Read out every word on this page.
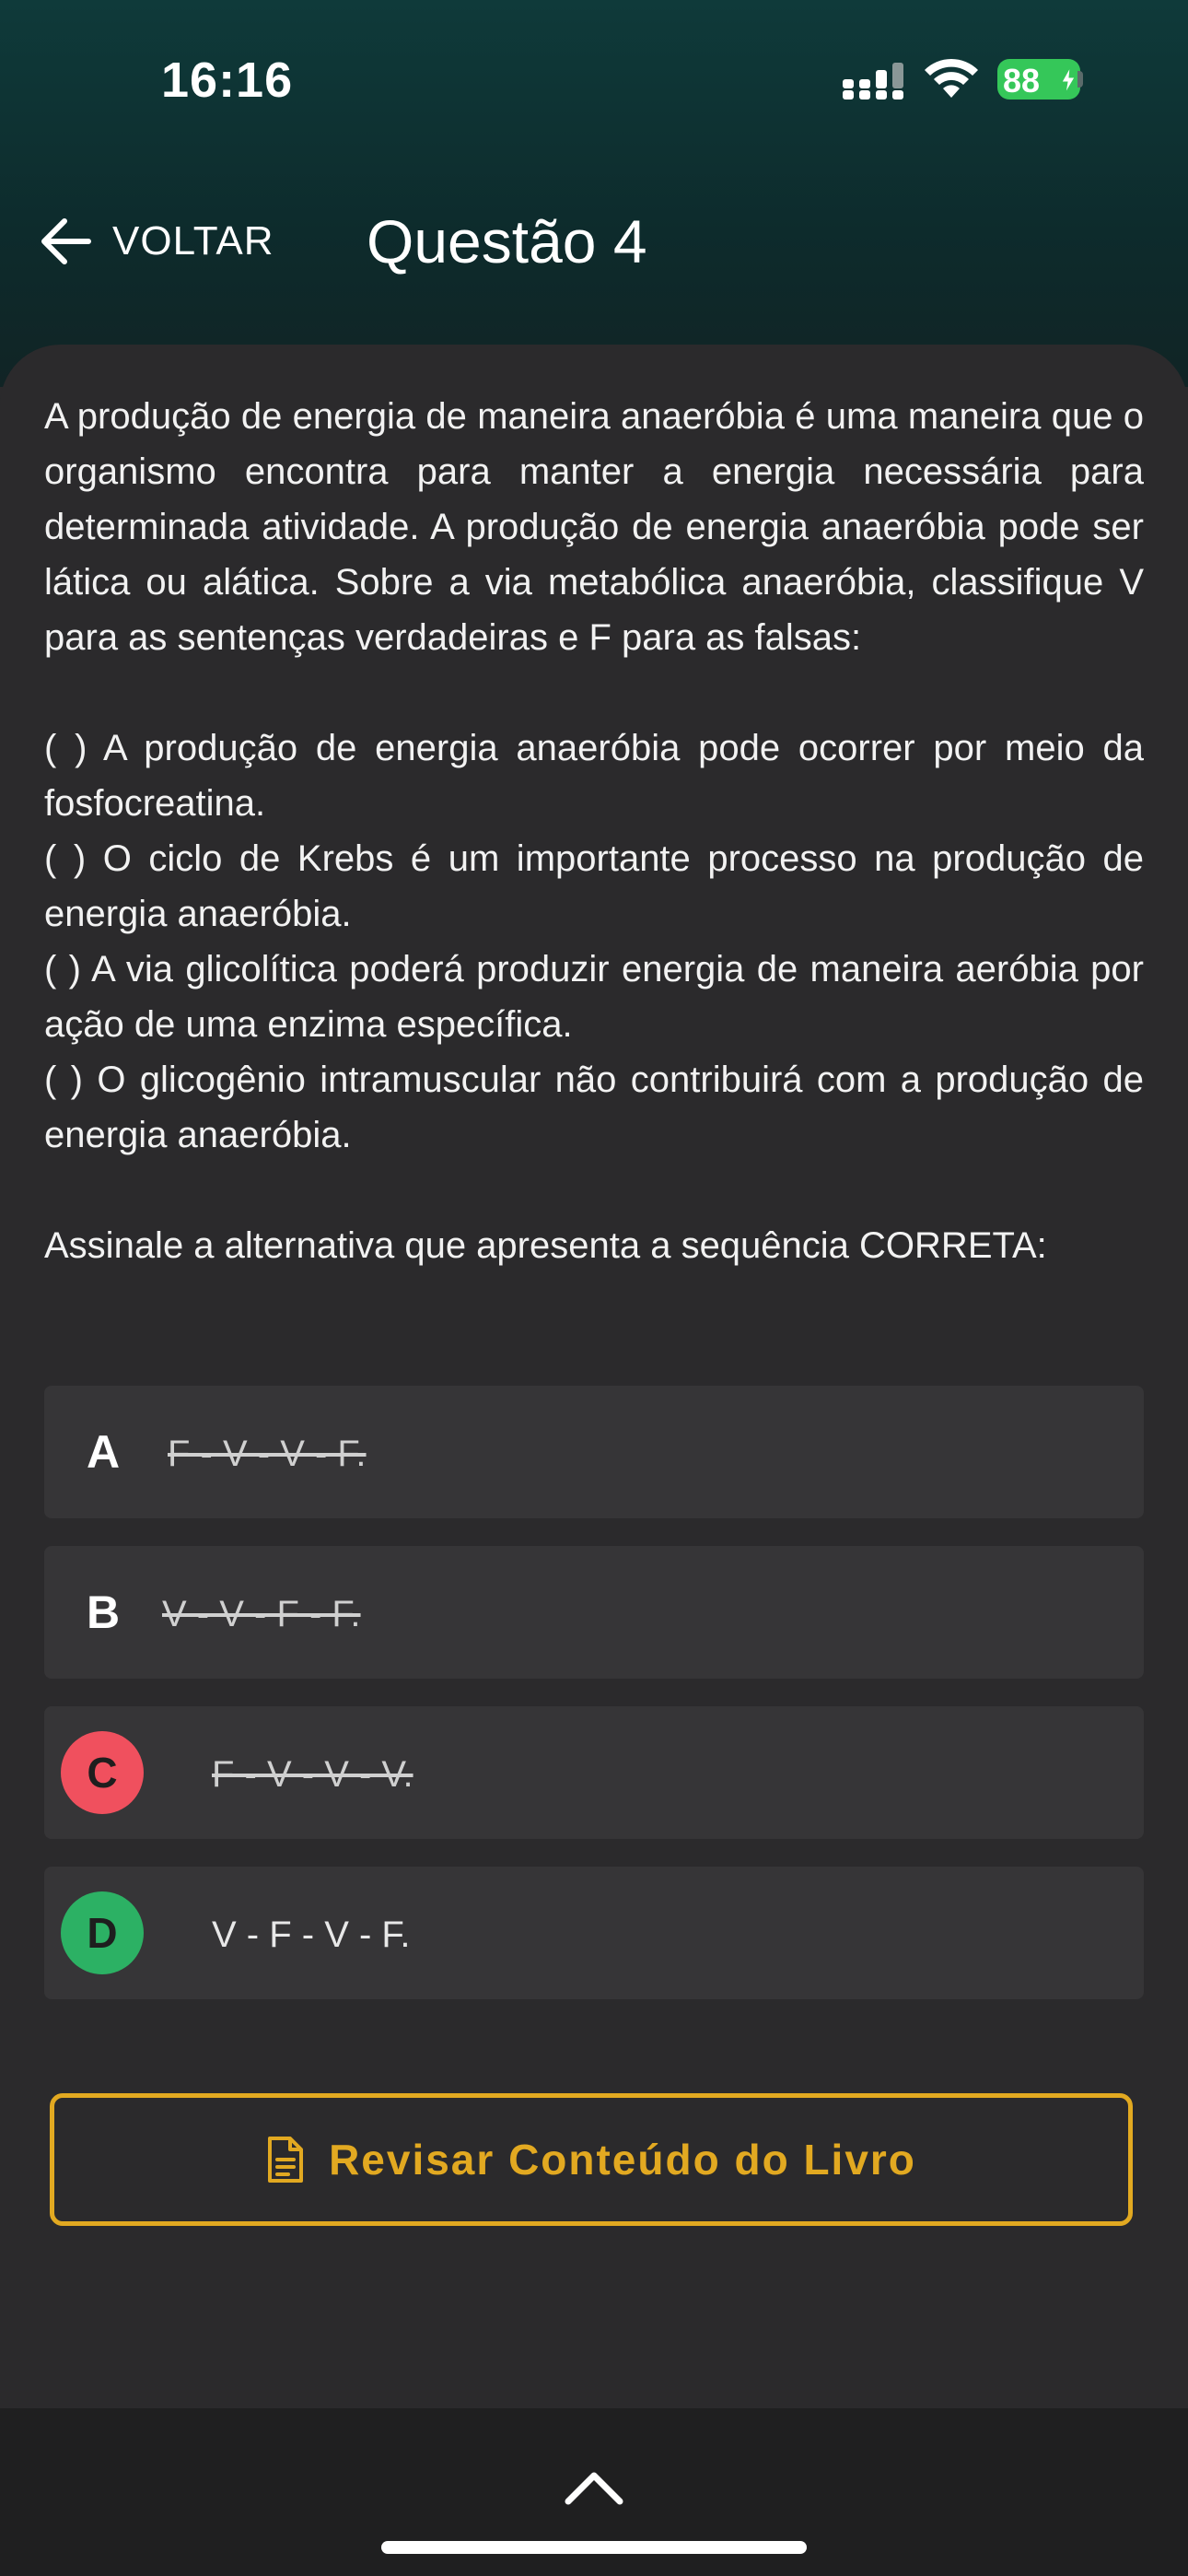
16:16	88
VOLTAR Questão 4

A produção de energia de maneira anaeróbia é uma maneira que o organismo encontra para manter a energia necessária para determinada atividade. A produção de energia anaeróbia pode ser lática ou alática. Sobre a via metabólica anaeróbia, classifique V para as sentenças verdadeiras e F para as falsas:

( ) A produção de energia anaeróbia pode ocorrer por meio da fosfocreatina.

( ) O ciclo de Krebs é um importante processo na produção de energia anaeróbia.

( ) A via glicolítica poderá produzir energia de maneira aeróbia por ação de uma enzima específica.

( ) O glicogênio intramuscular não contribuirá com a produção de energia anaeróbia.

Assinale a alternativa que apresenta a sequência CORRETA:

A F - V - V - F.
B V - V - F - F.
C	F - V - V - V.
D	V - F - V - F.
Revisar Conteúdo do Livro
